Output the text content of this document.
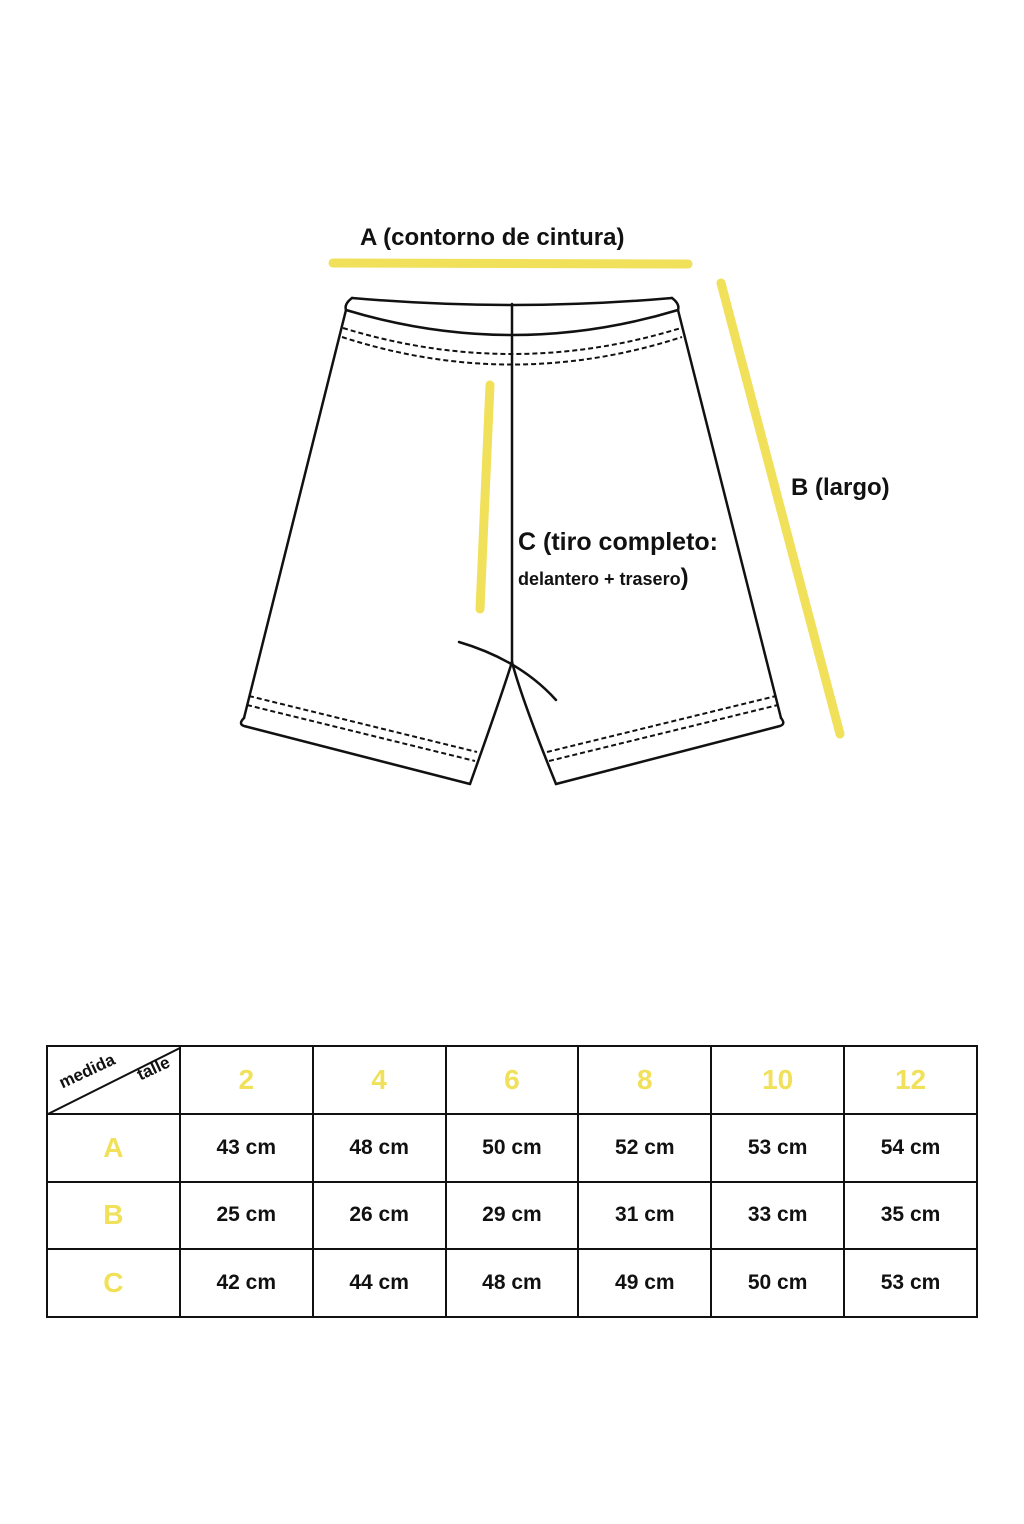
A (contorno de cintura)
B (largo)
C (tiro completo:
delantero + trasero)
medida talle	2	4	6	8	10	12
A	43 cm	48 cm	50 cm	52 cm	53 cm	54 cm
B	25 cm	26 cm	29 cm	31 cm	33 cm	35 cm
C	42 cm	44 cm	48 cm	49 cm	50 cm	53 cm
